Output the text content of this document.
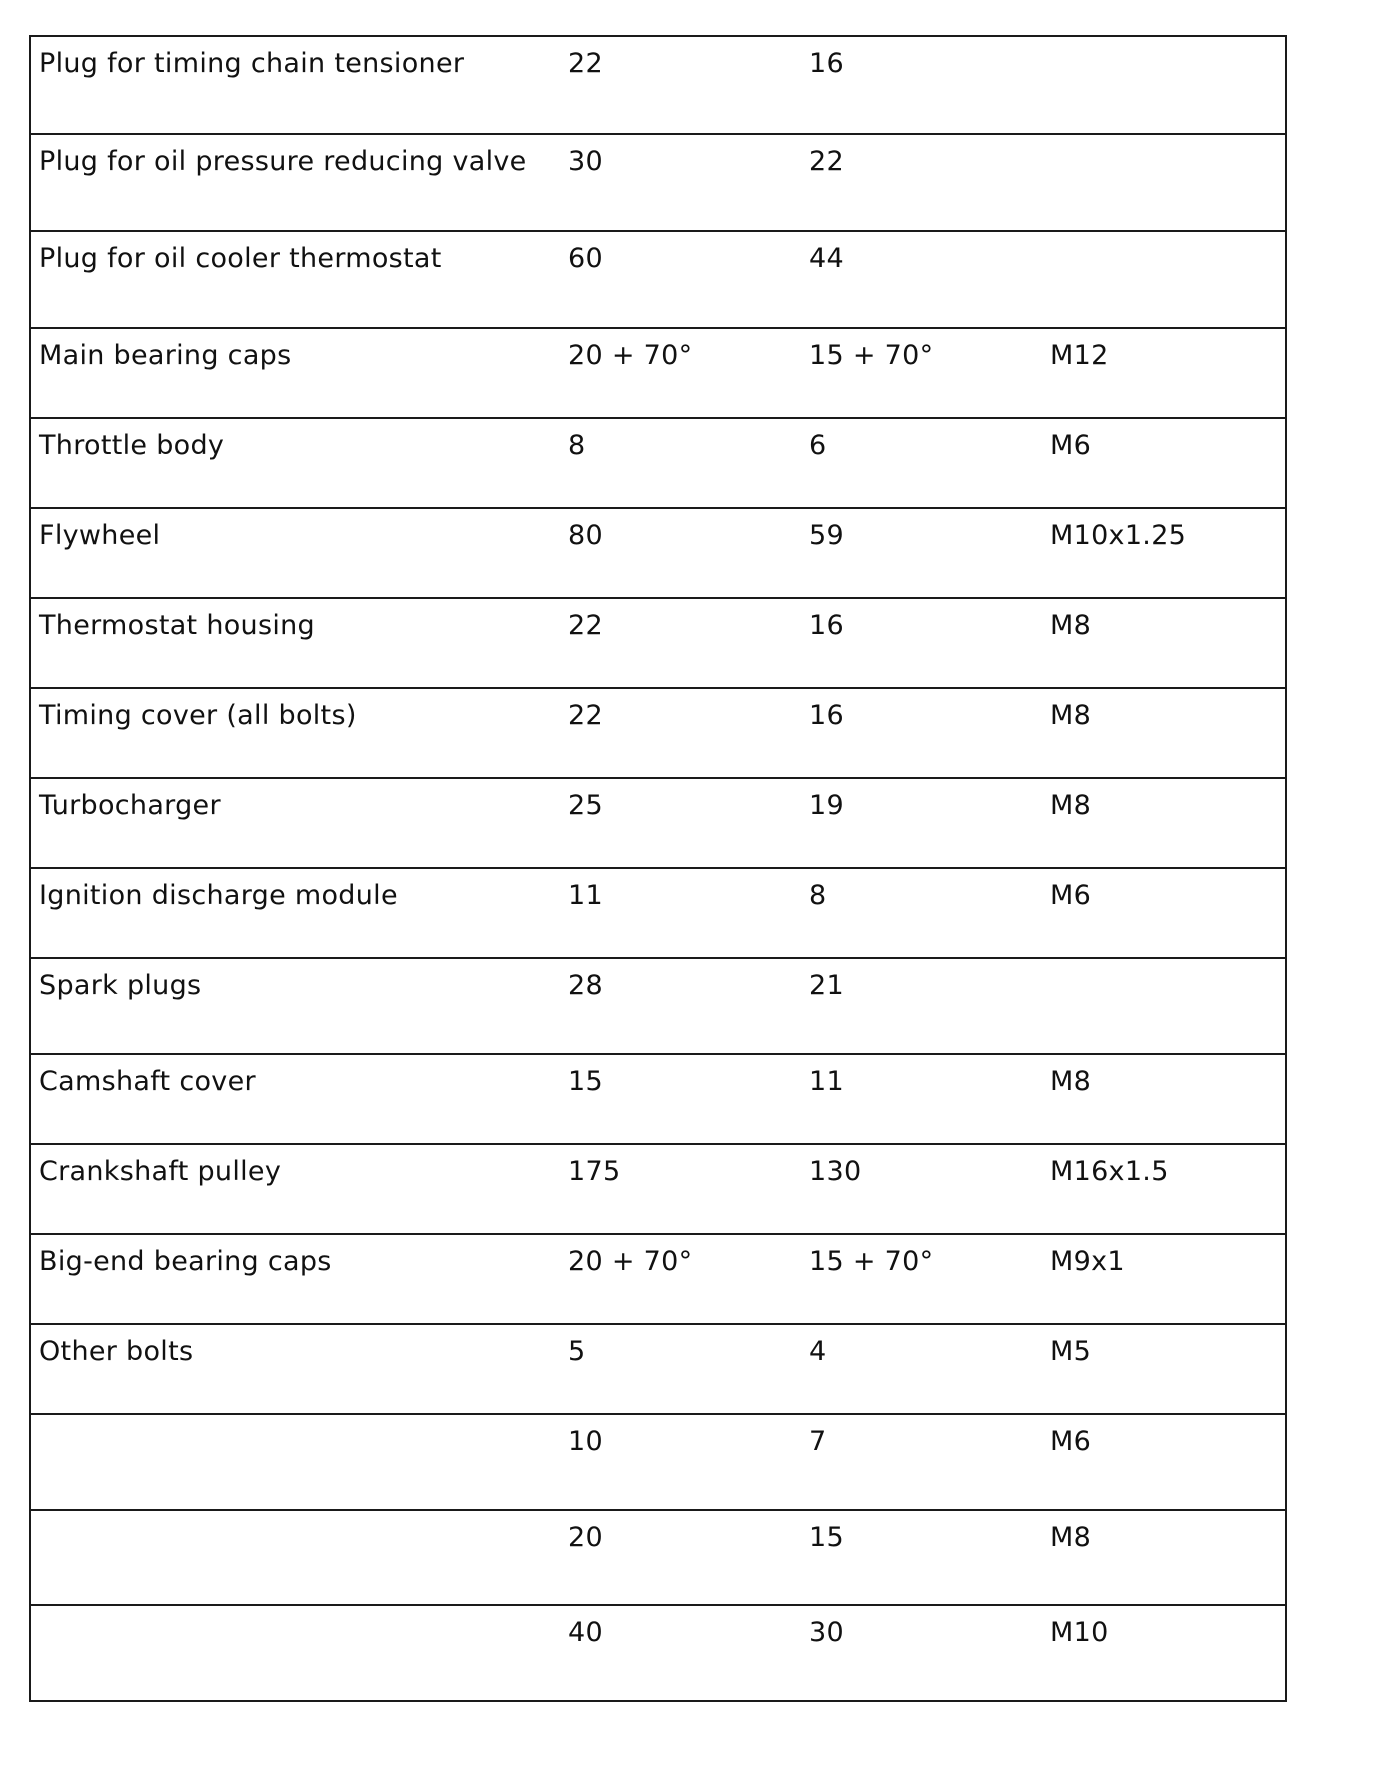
Plug for timing chain tensioner	22	16	
Plug for oil pressure reducing valve	30	22	
Plug for oil cooler thermostat	60	44	
Main bearing caps	20 + 70°	15 + 70°	M12
Throttle body	8	6	M6
Flywheel	80	59	M10x1.25
Thermostat housing	22	16	M8
Timing cover (all bolts)	22	16	M8
Turbocharger	25	19	M8
Ignition discharge module	11	8	M6
Spark plugs	28	21	
Camshaft cover	15	11	M8
Crankshaft pulley	175	130	M16x1.5
Big-end bearing caps	20 + 70°	15 + 70°	M9x1
Other bolts	5	4	M5
	10	7	M6
	20	15	M8
	40	30	M10
